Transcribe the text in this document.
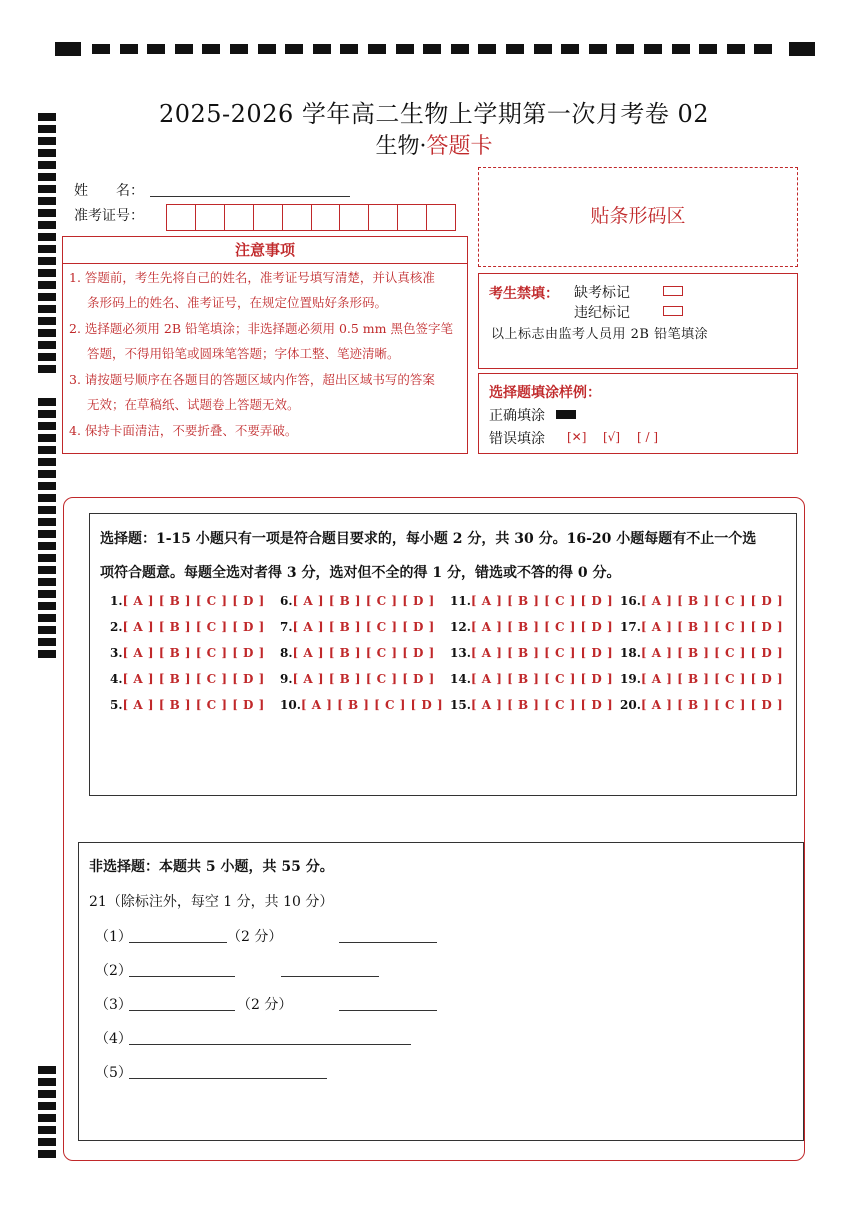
2025-2026 学年高二生物上学期第一次月考卷 02
生物·答题卡
姓　　名：
准考证号：
注意事项
1. 答题前，考生先将自己的姓名，准考证号填写清楚，并认真核准
条形码上的姓名、准考证号，在规定位置贴好条形码。
2. 选择题必须用 2B 铅笔填涂；非选择题必须用 0.5 mm 黑色签字笔
答题，不得用铅笔或圆珠笔答题；字体工整、笔迹清晰。
3. 请按题号顺序在各题目的答题区域内作答，超出区域书写的答案
无效；在草稿纸、试题卷上答题无效。
4. 保持卡面清洁，不要折叠、不要弄破。
贴条形码区
考生禁填： 缺考标记
违纪标记
以上标志由监考人员用 2B 铅笔填涂
选择题填涂样例：
正确填涂
错误填涂 [✕] [√] [ / ]
选择题：1-15 小题只有一项是符合题目要求的，每小题 2 分，共 30 分。16-20 小题每题有不止一个选
项符合题意。每题全选对者得 3 分，选对但不全的得 1 分，错选或不答的得 0 分。
1.[ A ] [ B ] [ C ] [ D ]
2.[ A ] [ B ] [ C ] [ D ]
3.[ A ] [ B ] [ C ] [ D ]
4.[ A ] [ B ] [ C ] [ D ]
5.[ A ] [ B ] [ C ] [ D ]
6.[ A ] [ B ] [ C ] [ D ]
7.[ A ] [ B ] [ C ] [ D ]
8.[ A ] [ B ] [ C ] [ D ]
9.[ A ] [ B ] [ C ] [ D ]
10.[ A ] [ B ] [ C ] [ D ]
11.[ A ] [ B ] [ C ] [ D ]
12.[ A ] [ B ] [ C ] [ D ]
13.[ A ] [ B ] [ C ] [ D ]
14.[ A ] [ B ] [ C ] [ D ]
15.[ A ] [ B ] [ C ] [ D ]
16.[ A ] [ B ] [ C ] [ D ]
17.[ A ] [ B ] [ C ] [ D ]
18.[ A ] [ B ] [ C ] [ D ]
19.[ A ] [ B ] [ C ] [ D ]
20.[ A ] [ B ] [ C ] [ D ]
非选择题：本题共 5 小题，共 55 分。
21（除标注外，每空 1 分，共 10 分）
（1）	（2 分）
（2）
（3）	（2 分）
（4）
（5）
